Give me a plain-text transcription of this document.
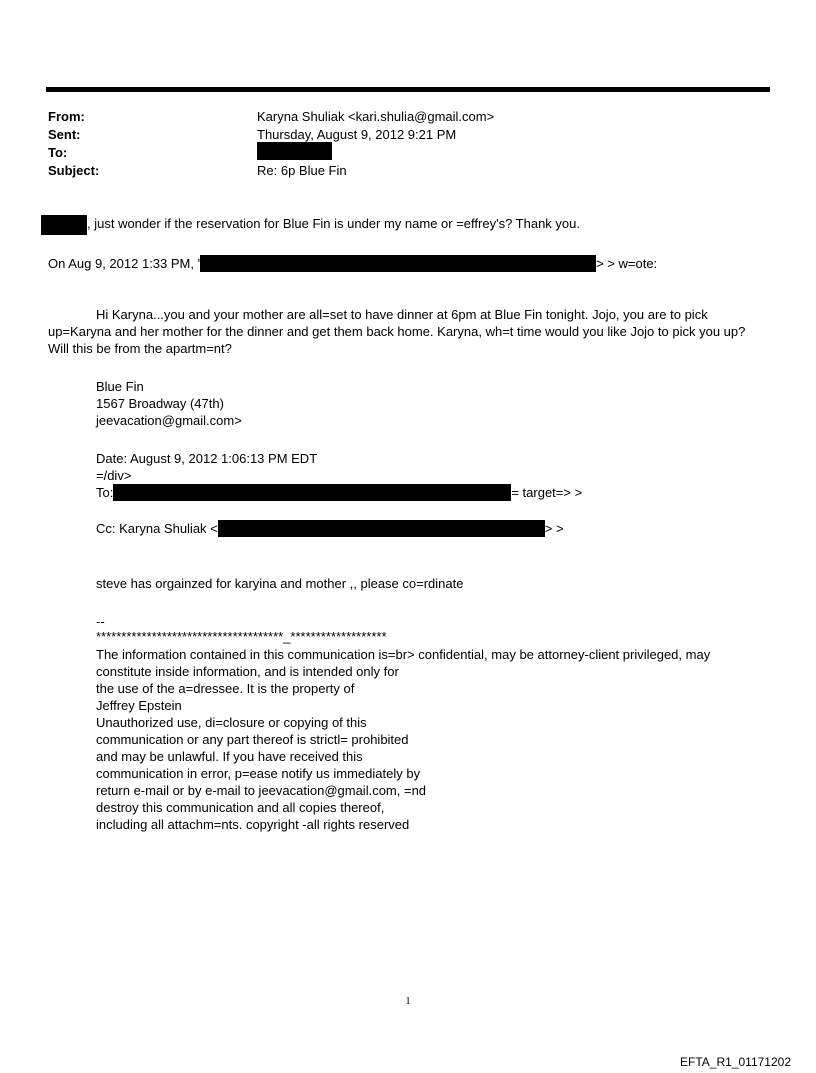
From:	Karyna Shuliak <kari.shulia@gmail.com>
Sent:	Thursday, August 9, 2012 9:21 PM
To:
Subject:	Re: 6p Blue Fin
, just wonder if the reservation for Blue Fin is under my name or =effrey's? Thank you.
On Aug 9, 2012 1:33 PM, '	> > w=ote:
Hi Karyna...you and your mother are all=set to have dinner at 6pm at Blue Fin tonight. Jojo, you are to pick up=Karyna and her mother for the dinner and get them back home. Karyna, wh=t time would you like Jojo to pick you up? Will this be from the apartm=nt?
Blue Fin
1567 Broadway (47th)
jeevacation@gmail.com>
Date: August 9, 2012 1:06:13 PM EDT
=/div>
To:	= target=> >
Cc: Karyna Shuliak <	> >
steve has orgainzed for karyina and mother ,, please co=rdinate
--
*************************************_*******************
The information contained in this communication is=br> confidential, may be attorney-client privileged, may
constitute inside information, and is intended only for
the use of the a=dressee. It is the property of
Jeffrey Epstein
Unauthorized use, di=closure or copying of this
communication or any part thereof is strictl= prohibited
and may be unlawful. If you have received this
communication in error, p=ease notify us immediately by
return e-mail or by e-mail to jeevacation@gmail.com, =nd
destroy this communication and all copies thereof,
including all attachm=nts. copyright -all rights reserved
1
EFTA_R1_01171202
